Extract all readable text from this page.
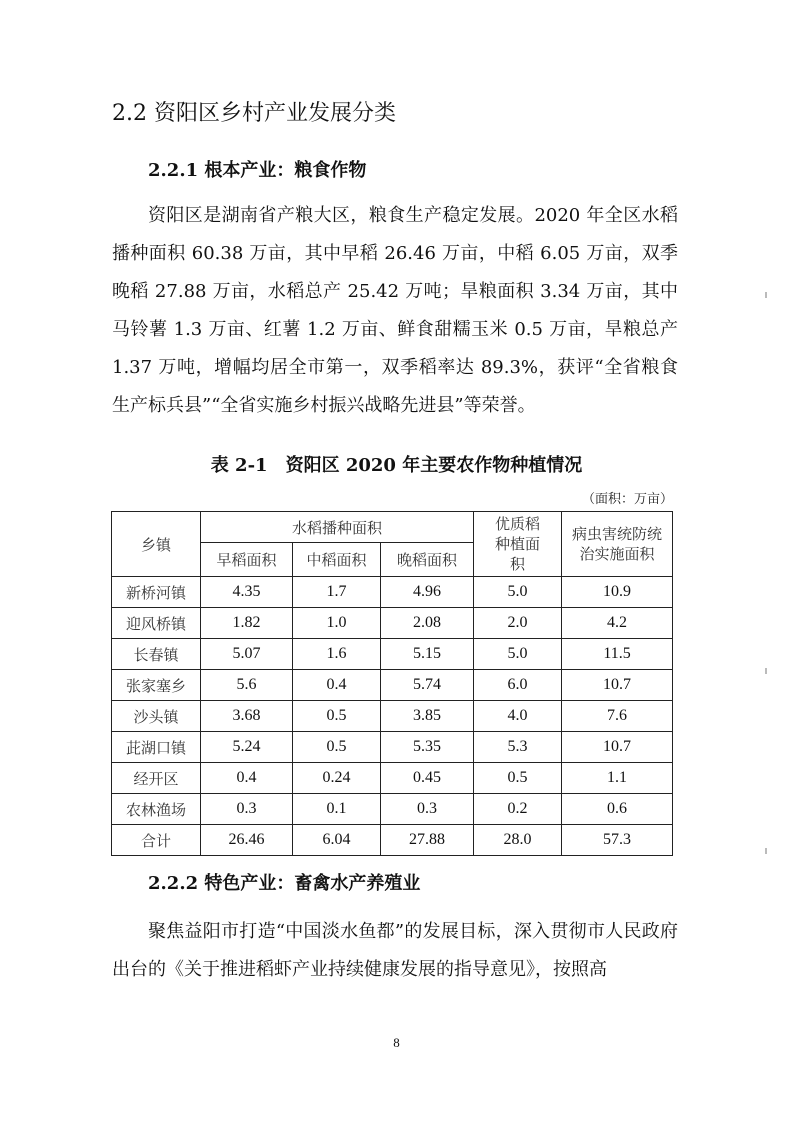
2.2 资阳区乡村产业发展分类
2.2.1 根本产业：粮食作物

资阳区是湖南省产粮大区，粮食生产稳定发展。2020 年全区水稻播种面积 60.38 万亩，其中早稻 26.46 万亩，中稻 6.05 万亩，双季晚稻 27.88 万亩，水稻总产 25.42 万吨；旱粮面积 3.34 万亩，其中马铃薯 1.3 万亩、红薯 1.2 万亩、鲜食甜糯玉米 0.5 万亩，旱粮总产 1.37 万吨，增幅均居全市第一，双季稻率达 89.3%，获评“全省粮食生产标兵县”“全省实施乡村振兴战略先进县”等荣誉。

表 2-1　资阳区 2020 年主要农作物种植情况
（面积：万亩）
乡镇	水稻播种面积			优质稻种植面积	病虫害统防统治实施面积
	早稻面积	中稻面积	晚稻面积		
新桥河镇	4.35	1.7	4.96	5.0	10.9
迎风桥镇	1.82	1.0	2.08	2.0	4.2
长春镇	5.07	1.6	5.15	5.0	11.5
张家塞乡	5.6	0.4	5.74	6.0	10.7
沙头镇	3.68	0.5	3.85	4.0	7.6
茈湖口镇	5.24	0.5	5.35	5.3	10.7
经开区	0.4	0.24	0.45	0.5	1.1
农林渔场	0.3	0.1	0.3	0.2	0.6
合计	26.46	6.04	27.88	28.0	57.3
2.2.2 特色产业：畜禽水产养殖业

聚焦益阳市打造“中国淡水鱼都”的发展目标，深入贯彻市人民政府出台的《关于推进稻虾产业持续健康发展的指导意见》，按照高

8
